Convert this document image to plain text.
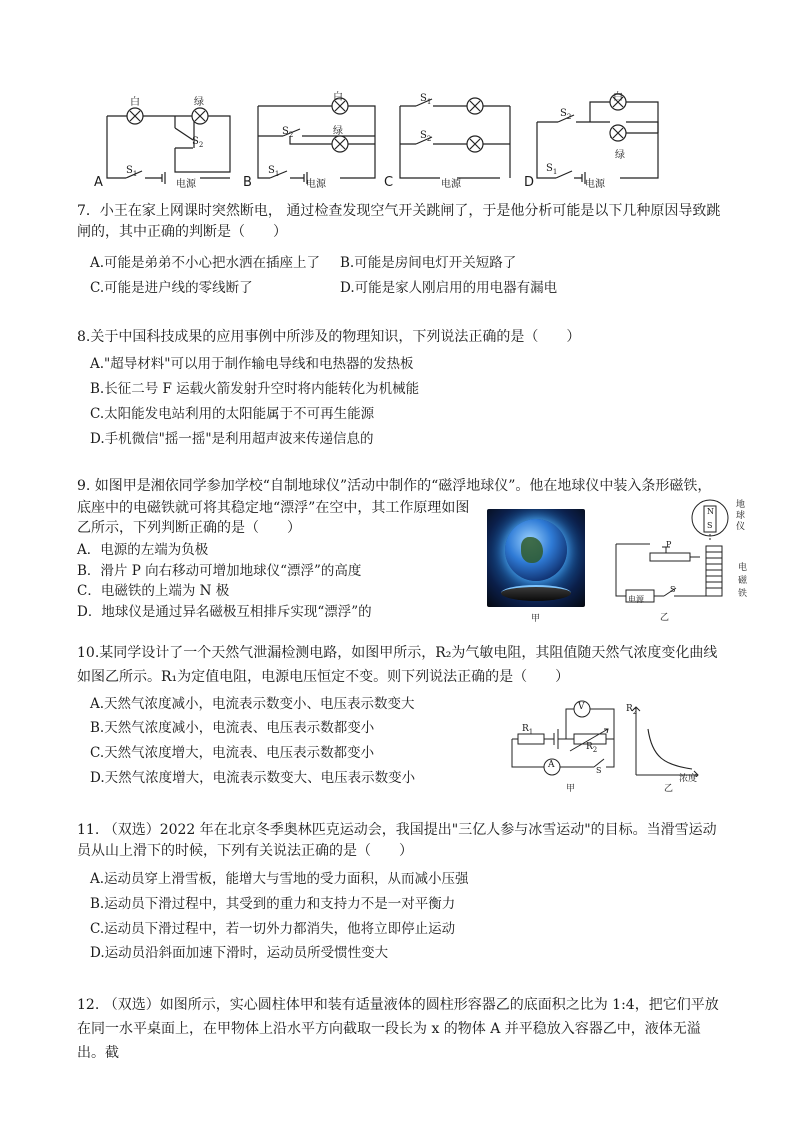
A	B	C	D
白	绿
$S_2$
$S_1$
电源
白
绿
$S_2$
$S_1$
电源
$S_1$
$S_2$
电源
白
绿
$S_2$
$S_1$
电源
7．小王在家上网课时突然断电， 通过检查发现空气开关跳闸了，于是他分析可能是以下几种原因导致跳闸的，其中正确的判断是（　　）
A.可能是弟弟不小心把水洒在插座上了 B.可能是房间电灯开关短路了
C.可能是进户线的零线断了	D.可能是家人刚启用的用电器有漏电
8.关于中国科技成果的应用事例中所涉及的物理知识，下列说法正确的是（　　）
A."超导材料"可以用于制作输电导线和电热器的发热板
B.长征二号 F 运载火箭发射升空时将内能转化为机械能
C.太阳能发电站利用的太阳能属于不可再生能源
D.手机微信"摇一摇"是利用超声波来传递信息的
9. 如图甲是湘依同学参加学校“自制地球仪”活动中制作的“磁浮地球仪”。他在地球仪中装入条形磁铁，
底座中的电磁铁就可将其稳定地“漂浮”在空中，其工作原理如图
乙所示，下列判断正确的是（　　）
A．电源的左端为负极
B．滑片 P 向右移动可增加地球仪“漂浮”的高度
C．电磁铁的上端为 N 极
D．地球仪是通过异名磁极互相排斥实现“漂浮”的	甲
N
S
地
球
仪
电
磁
铁
P
S
电源
乙
10.某同学设计了一个天然气泄漏检测电路，如图甲所示，R₂为气敏电阻，其阻值随天然气浓度变化曲线
如图乙所示。R₁为定值电阻，电源电压恒定不变。则下列说法正确的是（　　）
A.天然气浓度减小，电流表示数变小、电压表示数变大
B.天然气浓度减小，电流表、电压表示数都变小
C.天然气浓度增大，电流表、电压表示数都变小
D.天然气浓度增大，电流表示数变大、电压表示数变小
V
A
$R_1$
$R_2$
S
甲
$R_2$
浓度
乙
11. （双选）2022 年在北京冬季奥林匹克运动会，我国提出"三亿人参与冰雪运动"的目标。当滑雪运动员从山上滑下的时候，下列有关说法正确的是（　　）
A.运动员穿上滑雪板，能增大与雪地的受力面积，从而减小压强
B.运动员下滑过程中，其受到的重力和支持力不是一对平衡力
C.运动员下滑过程中，若一切外力都消失，他将立即停止运动
D.运动员沿斜面加速下滑时，运动员所受惯性变大
12. （双选）如图所示，实心圆柱体甲和装有适量液体的圆柱形容器乙的底面积之比为 1:4，把它们平放在同一水平桌面上，在甲物体上沿水平方向截取一段长为 x 的物体 A 并平稳放入容器乙中，液体无溢出。截
